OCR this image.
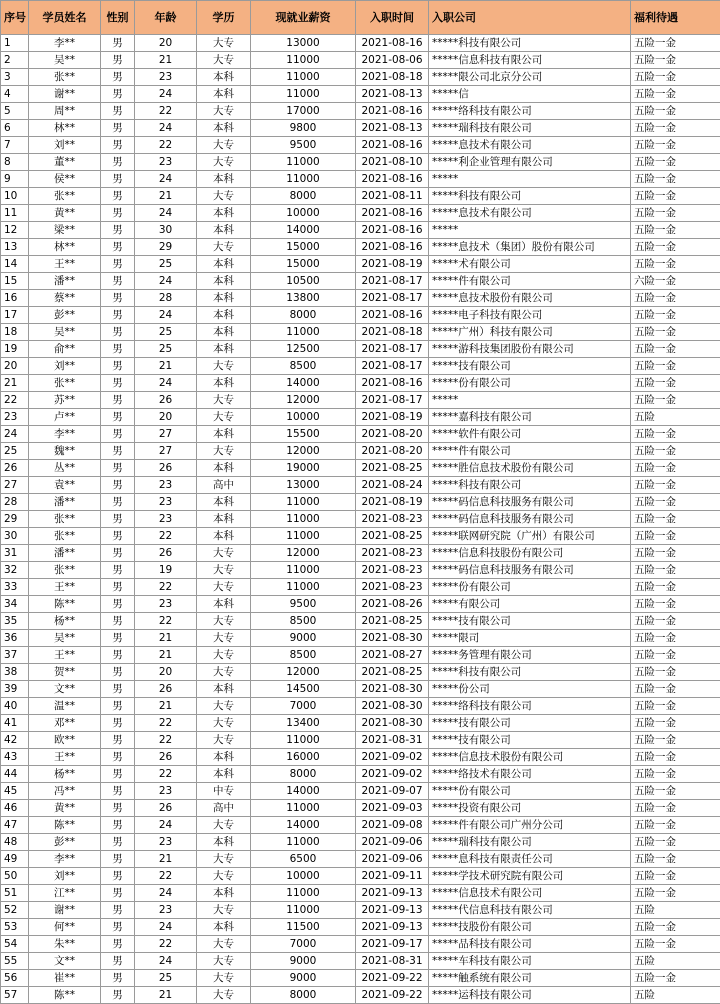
序号	学员姓名	性别	年龄	学历	现就业薪资	入职时间	入职公司	福利待遇
1	李**	男	20	大专	13000	2021-08-16	*****科技有限公司	五险一金
2	吴**	男	21	大专	11000	2021-08-06	*****信息科技有限公司	五险一金
3	张**	男	23	本科	11000	2021-08-18	*****限公司北京分公司	五险一金
4	谢**	男	24	本科	11000	2021-08-13	*****信	五险一金
5	周**	男	22	大专	17000	2021-08-16	*****络科技有限公司	五险一金
6	林**	男	24	本科	9800	2021-08-13	*****瑞科技有限公司	五险一金
7	刘**	男	22	大专	9500	2021-08-16	*****息技术有限公司	五险一金
8	董**	男	23	大专	11000	2021-08-10	*****利企业管理有限公司	五险一金
9	侯**	男	24	本科	11000	2021-08-16	*****	五险一金
10	张**	男	21	大专	8000	2021-08-11	*****科技有限公司	五险一金
11	黄**	男	24	本科	10000	2021-08-16	*****息技术有限公司	五险一金
12	梁**	男	30	本科	14000	2021-08-16	*****	五险一金
13	林**	男	29	大专	15000	2021-08-16	*****息技术（集团）股份有限公司	五险一金
14	王**	男	25	本科	15000	2021-08-19	*****术有限公司	五险一金
15	潘**	男	24	本科	10500	2021-08-17	*****件有限公司	六险一金
16	蔡**	男	28	本科	13800	2021-08-17	*****息技术股份有限公司	五险一金
17	彭**	男	24	本科	8000	2021-08-16	*****电子科技有限公司	五险一金
18	吴**	男	25	本科	11000	2021-08-18	*****广州）科技有限公司	五险一金
19	俞**	男	25	本科	12500	2021-08-17	*****游科技集团股份有限公司	五险一金
20	刘**	男	21	大专	8500	2021-08-17	*****技有限公司	五险一金
21	张**	男	24	本科	14000	2021-08-16	*****份有限公司	五险一金
22	苏**	男	26	大专	12000	2021-08-17	*****	五险一金
23	卢**	男	20	大专	10000	2021-08-19	*****嘉科技有限公司	五险
24	李**	男	27	本科	15500	2021-08-20	*****软件有限公司	五险一金
25	魏**	男	27	大专	12000	2021-08-20	*****件有限公司	五险一金
26	丛**	男	26	本科	19000	2021-08-25	*****胜信息技术股份有限公司	五险一金
27	袁**	男	23	高中	13000	2021-08-24	*****科技有限公司	五险一金
28	潘**	男	23	本科	11000	2021-08-19	*****码信息科技服务有限公司	五险一金
29	张**	男	23	本科	11000	2021-08-23	*****码信息科技服务有限公司	五险一金
30	张**	男	22	本科	11000	2021-08-25	*****联网研究院（广州）有限公司	五险一金
31	潘**	男	26	大专	12000	2021-08-23	*****信息科技股份有限公司	五险一金
32	张**	男	19	大专	11000	2021-08-23	*****码信息科技服务有限公司	五险一金
33	王**	男	22	大专	11000	2021-08-23	*****份有限公司	五险一金
34	陈**	男	23	本科	9500	2021-08-26	*****有限公司	五险一金
35	杨**	男	22	大专	8500	2021-08-25	*****技有限公司	五险一金
36	吴**	男	21	大专	9000	2021-08-30	*****限司	五险一金
37	王**	男	21	大专	8500	2021-08-27	*****务管理有限公司	五险一金
38	贺**	男	20	大专	12000	2021-08-25	*****科技有限公司	五险一金
39	文**	男	26	本科	14500	2021-08-30	*****份公司	五险一金
40	温**	男	21	大专	7000	2021-08-30	*****络科技有限公司	五险一金
41	邓**	男	22	大专	13400	2021-08-30	*****技有限公司	五险一金
42	欧**	男	22	大专	11000	2021-08-31	*****技有限公司	五险一金
43	王**	男	26	本科	16000	2021-09-02	*****信息技术股份有限公司	五险一金
44	杨**	男	22	本科	8000	2021-09-02	*****络技术有限公司	五险一金
45	冯**	男	23	中专	14000	2021-09-07	*****份有限公司	五险一金
46	黄**	男	26	高中	11000	2021-09-03	*****投资有限公司	五险一金
47	陈**	男	24	大专	14000	2021-09-08	*****件有限公司广州分公司	五险一金
48	彭**	男	23	本科	11000	2021-09-06	*****瑞科技有限公司	五险一金
49	李**	男	21	大专	6500	2021-09-06	*****息科技有限责任公司	五险一金
50	刘**	男	22	大专	10000	2021-09-11	*****学技术研究院有限公司	五险一金
51	江**	男	24	本科	11000	2021-09-13	*****信息技术有限公司	五险一金
52	谢**	男	23	大专	11000	2021-09-13	*****代信息科技有限公司	五险
53	何**	男	24	本科	11500	2021-09-13	*****技股份有限公司	五险一金
54	朱**	男	22	大专	7000	2021-09-17	*****品科技有限公司	五险一金
55	文**	男	24	大专	9000	2021-08-31	*****车科技有限公司	五险
56	崔**	男	25	大专	9000	2021-09-22	*****触系统有限公司	五险一金
57	陈**	男	21	大专	8000	2021-09-22	*****运科技有限公司	五险
